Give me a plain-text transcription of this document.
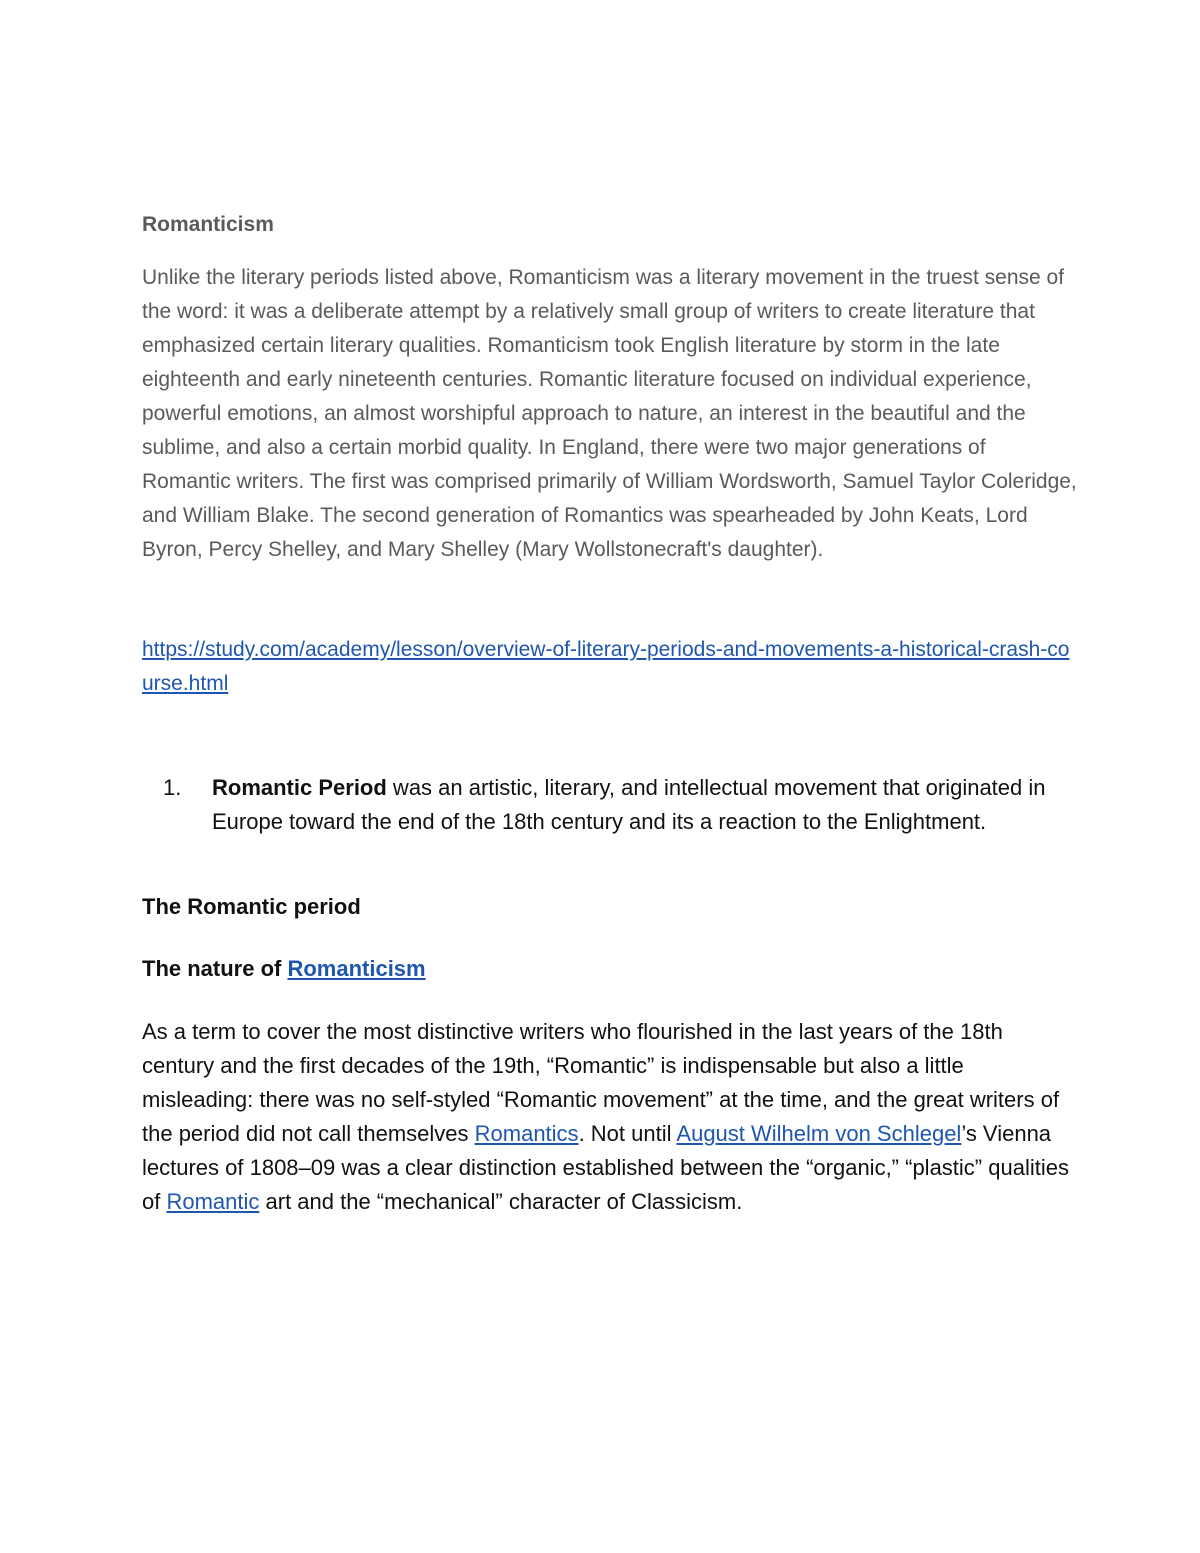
Romanticism

Unlike the literary periods listed above, Romanticism was a literary movement in the truest sense of the word: it was a deliberate attempt by a relatively small group of writers to create literature that emphasized certain literary qualities. Romanticism took English literature by storm in the late eighteenth and early nineteenth centuries. Romantic literature focused on individual experience, powerful emotions, an almost worshipful approach to nature, an interest in the beautiful and the sublime, and also a certain morbid quality. In England, there were two major generations of Romantic writers. The first was comprised primarily of William Wordsworth, Samuel Taylor Coleridge, and William Blake. The second generation of Romantics was spearheaded by John Keats, Lord Byron, Percy Shelley, and Mary Shelley (Mary Wollstonecraft's daughter).

https://study.com/academy/lesson/overview-of-literary-periods-and-movements-a-historical-crash-course.html
1. Romantic Period was an artistic, literary, and intellectual movement that originated in Europe toward the end of the 18th century and its a reaction to the Enlightment.

The Romantic period

The nature of Romanticism

As a term to cover the most distinctive writers who flourished in the last years of the 18th century and the first decades of the 19th, “Romantic” is indispensable but also a little misleading: there was no self-styled “Romantic movement” at the time, and the great writers of the period did not call themselves Romantics. Not until August Wilhelm von Schlegel’s Vienna lectures of 1808–09 was a clear distinction established between the “organic,” “plastic” qualities of Romantic art and the “mechanical” character of Classicism.
